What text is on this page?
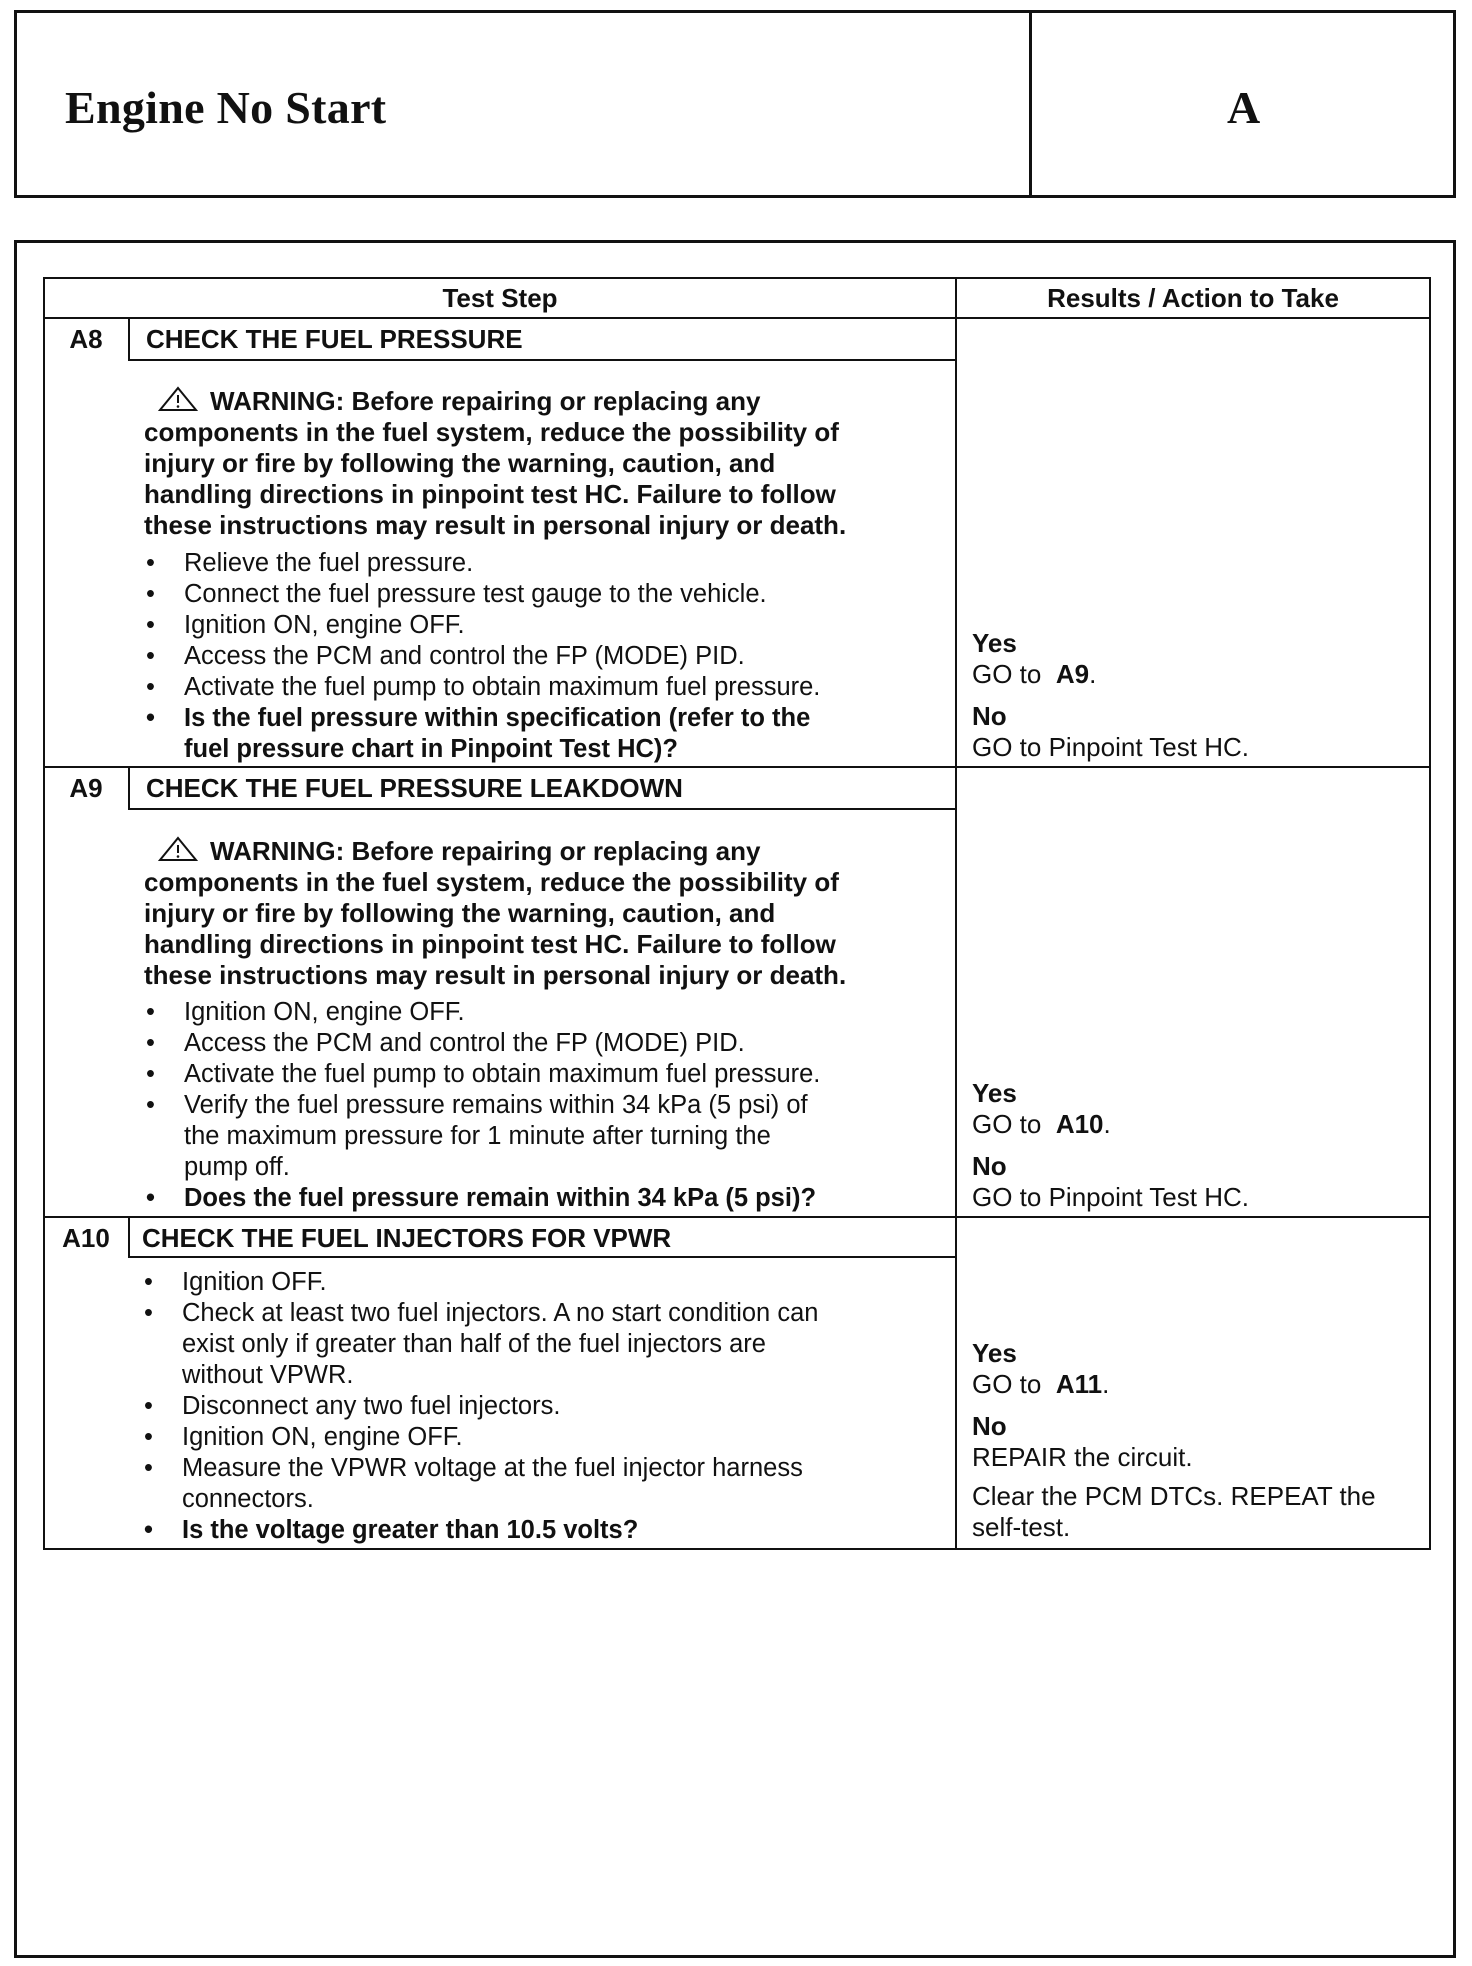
Engine No Start	A
Test Step	Results / Action to Take
A8	CHECK THE FUEL PRESSURE
WARNING: Before repairing or replacing any
components in the fuel system, reduce the possibility of
injury or fire by following the warning, caution, and
handling directions in pinpoint test HC. Failure to follow
these instructions may result in personal injury or death.
• Relieve the fuel pressure.
• Connect the fuel pressure test gauge to the vehicle.
• Ignition ON, engine OFF.
• Access the PCM and control the FP (MODE) PID.
• Activate the fuel pump to obtain maximum fuel pressure.
• Is the fuel pressure within specification (refer to the
fuel pressure chart in Pinpoint Test HC)?
Yes
GO to A9.
No
GO to Pinpoint Test HC.
A9	CHECK THE FUEL PRESSURE LEAKDOWN
WARNING: Before repairing or replacing any
components in the fuel system, reduce the possibility of
injury or fire by following the warning, caution, and
handling directions in pinpoint test HC. Failure to follow
these instructions may result in personal injury or death.
• Ignition ON, engine OFF.
• Access the PCM and control the FP (MODE) PID.
• Activate the fuel pump to obtain maximum fuel pressure.
• Verify the fuel pressure remains within 34 kPa (5 psi) of
the maximum pressure for 1 minute after turning the
pump off.
• Does the fuel pressure remain within 34 kPa (5 psi)?
Yes
GO to A10.
No
GO to Pinpoint Test HC.
A10	CHECK THE FUEL INJECTORS FOR VPWR
• Ignition OFF.
• Check at least two fuel injectors. A no start condition can
exist only if greater than half of the fuel injectors are
without VPWR.
• Disconnect any two fuel injectors.
• Ignition ON, engine OFF.
• Measure the VPWR voltage at the fuel injector harness
connectors.
• Is the voltage greater than 10.5 volts?
Yes
GO to A11.
No
REPAIR the circuit.
Clear the PCM DTCs. REPEAT the
self-test.
